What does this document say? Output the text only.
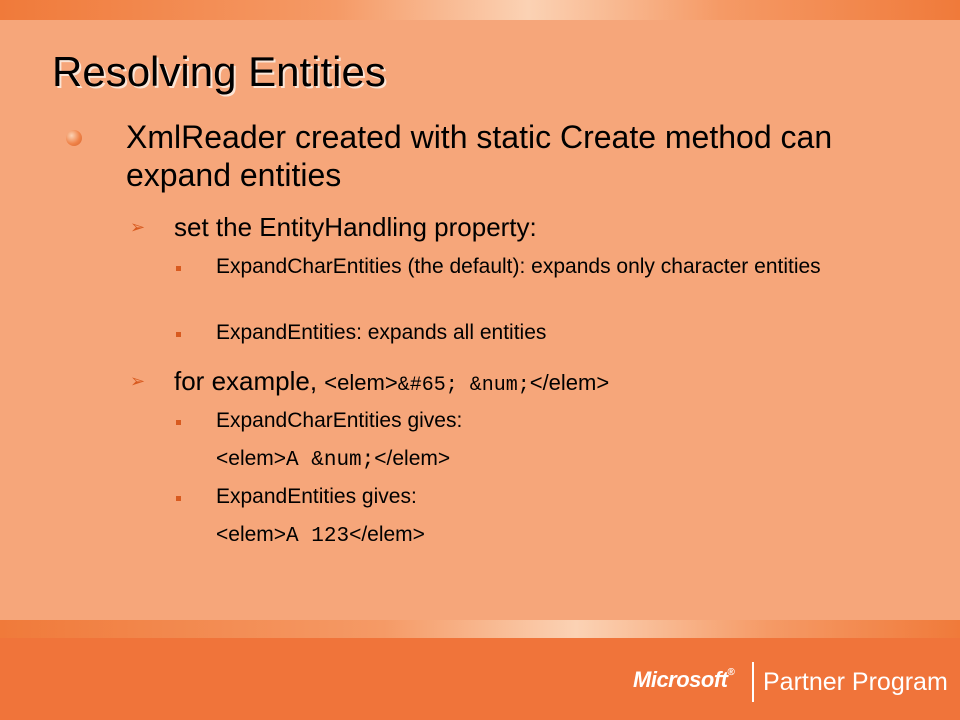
Resolving Entities
XmlReader created with static Create method can expand entities
➢ set the EntityHandling property:
ExpandCharEntities (the default): expands only character entities
ExpandEntities: expands all entities
➢ for example, <elem>&#65; &num;</elem>
ExpandCharEntities gives:
<elem>A &num;</elem>
ExpandEntities gives:
<elem>A 123</elem>
Microsoft® Partner Program
